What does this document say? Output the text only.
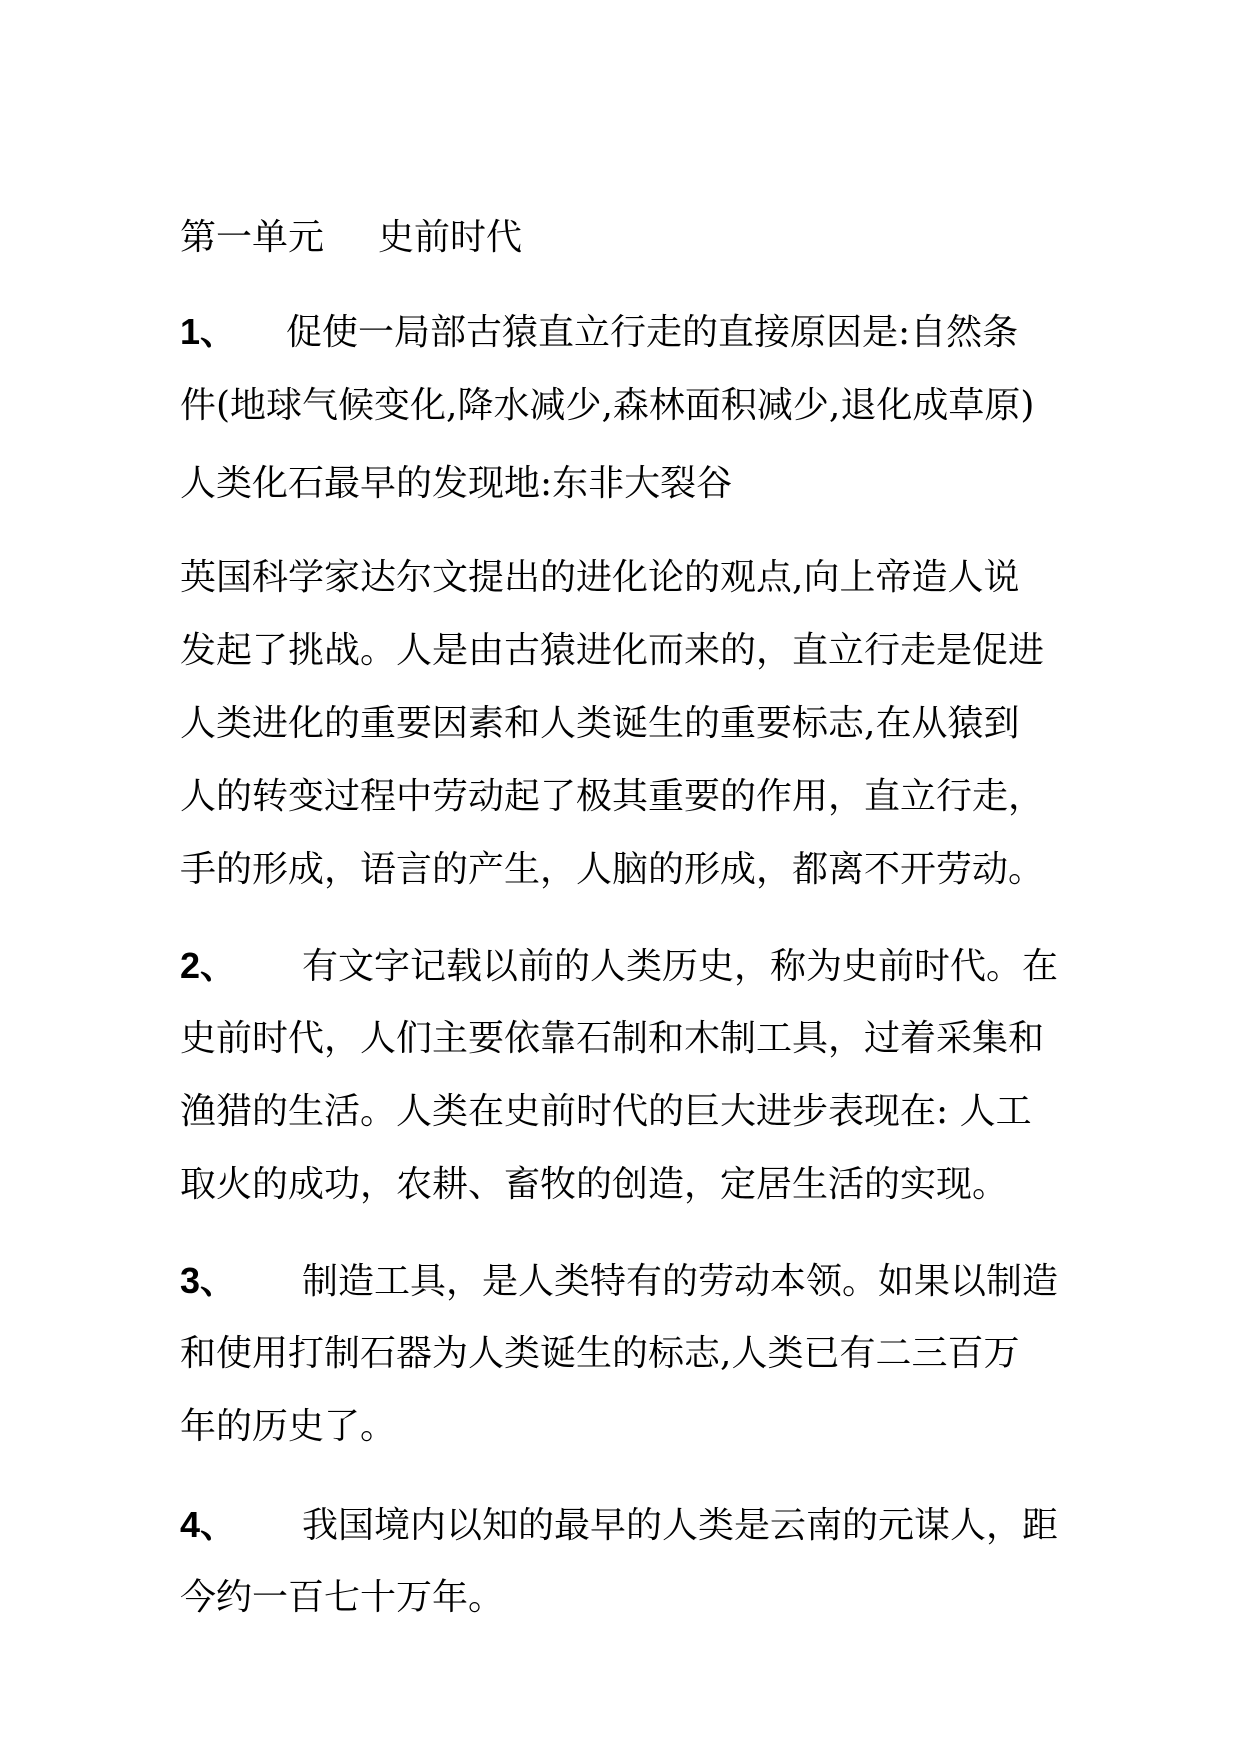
第一单元 史前时代
1、 促使一局部古猿直立行走的直接原因是:自然条
件(地球气候变化,降水减少,森林面积减少,退化成草原)
人类化石最早的发现地:东非大裂谷
英国科学家达尔文提出的进化论的观点,向上帝造人说
发起了挑战。人是由古猿进化而来的，直立行走是促进
人类进化的重要因素和人类诞生的重要标志,在从猿到
人的转变过程中劳动起了极其重要的作用，直立行走，
手的形成，语言的产生，人脑的形成，都离不开劳动。
2、 有文字记载以前的人类历史，称为史前时代。在
史前时代，人们主要依靠石制和木制工具，过着采集和
渔猎的生活。人类在史前时代的巨大进步表现在: 人工
取火的成功，农耕、畜牧的创造，定居生活的实现。
3、 制造工具，是人类特有的劳动本领。如果以制造
和使用打制石器为人类诞生的标志,人类已有二三百万
年的历史了。
4、 我国境内以知的最早的人类是云南的元谋人，距
今约一百七十万年。
